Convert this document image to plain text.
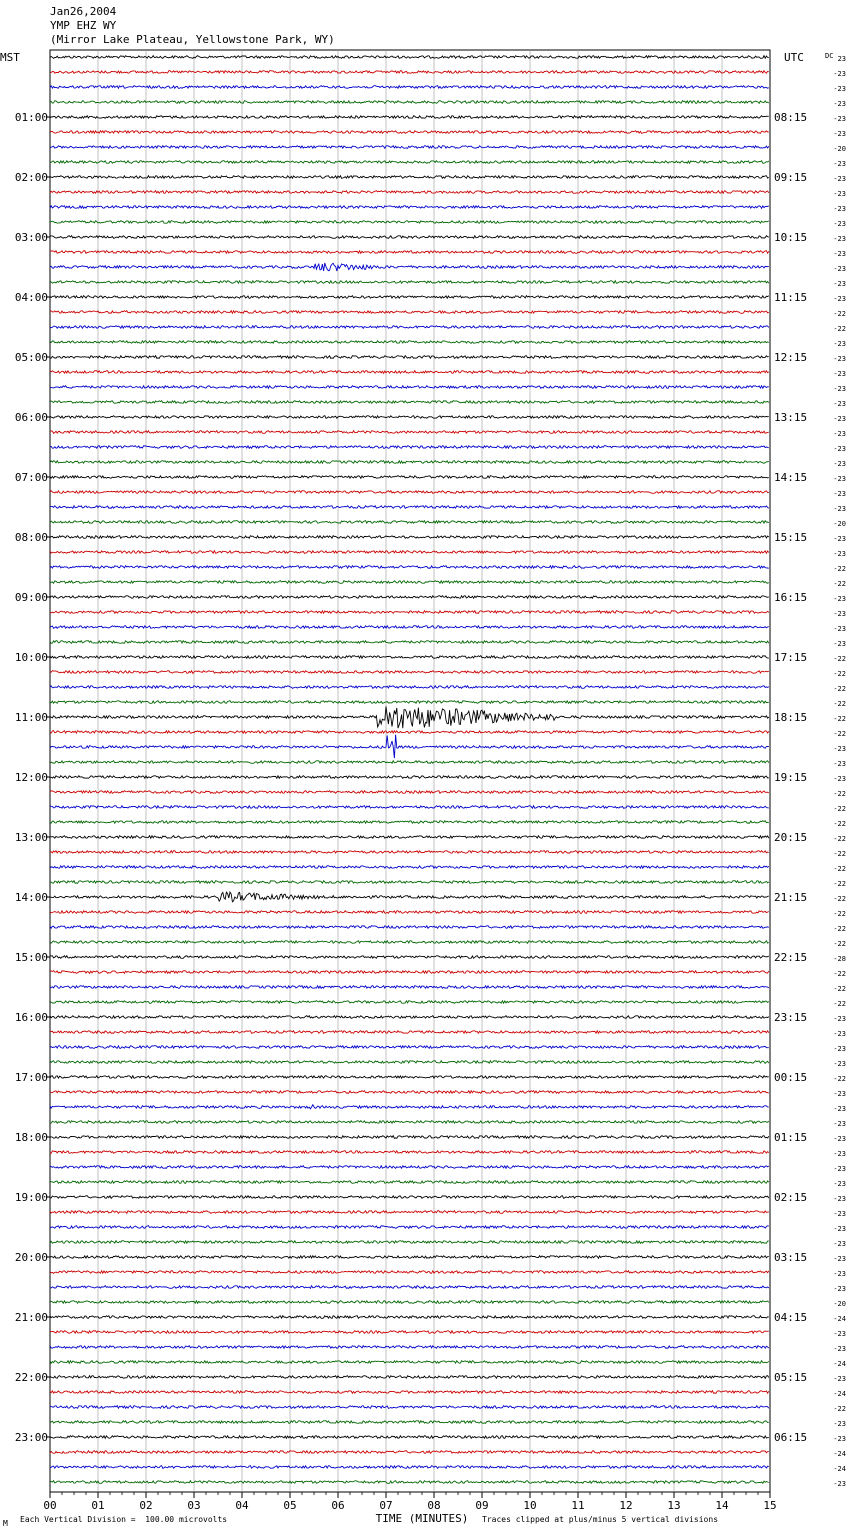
Jan26,2004
YMP EHZ WY
(Mirror Lake Plateau, Yellowstone Park, WY)
MST	UTC
01:00
02:00
03:00
04:00
05:00
06:00
07:00
08:00
09:00
10:00
11:00
12:00
13:00
14:00
15:00
16:00
17:00
18:00
19:00
20:00
21:00
22:00
23:00
08:15
09:15
10:15
11:15
12:15
13:15
14:15
15:15
16:15
17:15
18:15
19:15
20:15
21:15
22:15
23:15
00:15
01:15
02:15
03:15
04:15
05:15
06:15
DC 23
-23
-23
-23
-23
-23
-20
-23
-23
-23
-23
-23
-23
-23
-23
-23
-23
-22
-22
-23
-23
-23
-23
-23
-23
-23
-23
-23
-23
-23
-23
-20
-23
-23
-22
-22
-23
-23
-23
-23
-22
-22
-22
-22
-22
-22
-23
-23
-23
-22
-22
-22
-22
-22
-22
-22
-22
-22
-22
-22
-28
-22
-22
-22
-23
-23
-23
-23
-22
-23
-23
-23
-23
-23
-23
-23
-23
-23
-23
-23
-23
-23
-23
-20
-24
-23
-23
-24
-23
-24
-22
-23
-23
-24
-24
-23
00	01	02	03	04	05	06	07	08	09	10	11	12	13	14	15
TIME (MINUTES)
M Each Vertical Division =  100.00 microvolts	Traces clipped at plus/minus 5 vertical divisions
